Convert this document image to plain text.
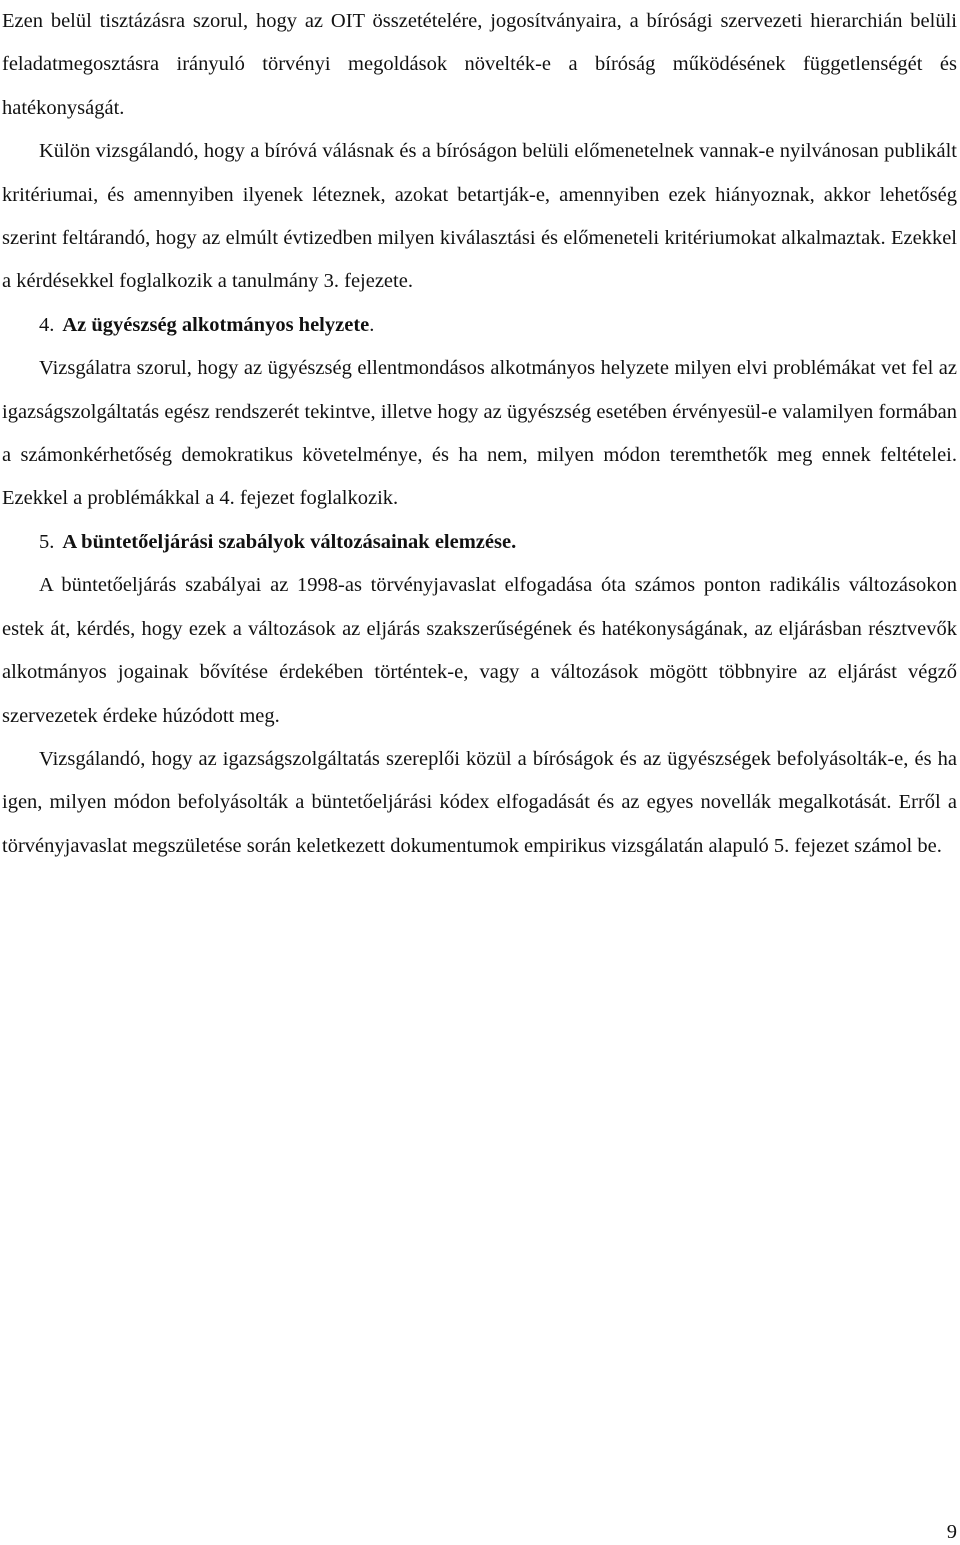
Ezen belül tisztázásra szorul, hogy az OIT összetételére, jogosítványaira, a bírósági szervezeti hierarchián belüli feladatmegosztásra irányuló törvényi megoldások növelték-e a bíróság működésének függetlenségét és hatékonyságát.

Külön vizsgálandó, hogy a bíróvá válásnak és a bíróságon belüli előmenetelnek vannak-e nyilvánosan publikált kritériumai, és amennyiben ilyenek léteznek, azokat betartják-e, amennyiben ezek hiányoznak, akkor lehetőség szerint feltárandó, hogy az elmúlt évtizedben milyen kiválasztási és előmeneteli kritériumokat alkalmaztak. Ezekkel a kérdésekkel foglalkozik a tanulmány 3. fejezete.

4. Az ügyészség alkotmányos helyzete.

Vizsgálatra szorul, hogy az ügyészség ellentmondásos alkotmányos helyzete milyen elvi problémákat vet fel az igazságszolgáltatás egész rendszerét tekintve, illetve hogy az ügyészség esetében érvényesül-e valamilyen formában a számonkérhetőség demokratikus követelménye, és ha nem, milyen módon teremthetők meg ennek feltételei. Ezekkel a problémákkal a 4. fejezet foglalkozik.

5. A büntetőeljárási szabályok változásainak elemzése.

A büntetőeljárás szabályai az 1998-as törvényjavaslat elfogadása óta számos ponton radikális változásokon estek át, kérdés, hogy ezek a változások az eljárás szakszerűségének és hatékonyságának, az eljárásban résztvevők alkotmányos jogainak bővítése érdekében történtek-e, vagy a változások mögött többnyire az eljárást végző szervezetek érdeke húzódott meg.

Vizsgálandó, hogy az igazságszolgáltatás szereplői közül a bíróságok és az ügyészségek befolyásolták-e, és ha igen, milyen módon befolyásolták a büntetőeljárási kódex elfogadását és az egyes novellák megalkotását. Erről a törvényjavaslat megszületése során keletkezett dokumentumok empirikus vizsgálatán alapuló 5. fejezet számol be.

9
